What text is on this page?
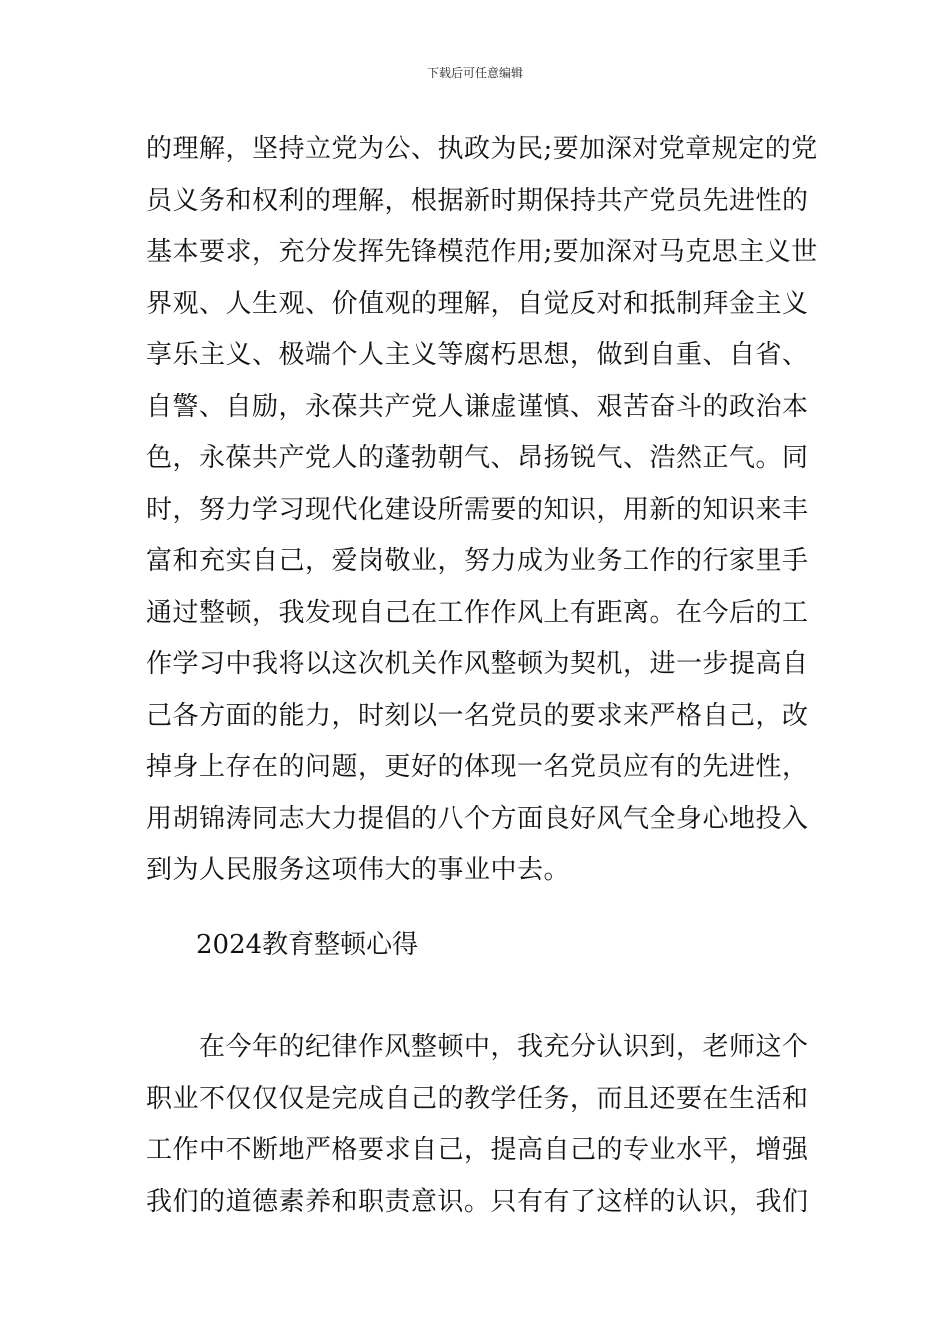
下载后可任意编辑
的理解，坚持立党为公、执政为民;要加深对党章规定的党
员义务和权利的理解，根据新时期保持共产党员先进性的
基本要求，充分发挥先锋模范作用;要加深对马克思主义世
界观、人生观、价值观的理解，自觉反对和抵制拜金主义
享乐主义、极端个人主义等腐朽思想，做到自重、自省、
自警、自励，永葆共产党人谦虚谨慎、艰苦奋斗的政治本
色，永葆共产党人的蓬勃朝气、昂扬锐气、浩然正气。同
时，努力学习现代化建设所需要的知识，用新的知识来丰
富和充实自己，爱岗敬业，努力成为业务工作的行家里手
通过整顿，我发现自己在工作作风上有距离。在今后的工
作学习中我将以这次机关作风整顿为契机，进一步提高自
己各方面的能力，时刻以一名党员的要求来严格自己，改
掉身上存在的问题，更好的体现一名党员应有的先进性，
用胡锦涛同志大力提倡的八个方面良好风气全身心地投入
到为人民服务这项伟大的事业中去。
2024教育整顿心得
　　在今年的纪律作风整顿中，我充分认识到，老师这个
职业不仅仅仅是完成自己的教学任务，而且还要在生活和
工作中不断地严格要求自己，提高自己的专业水平，增强
我们的道德素养和职责意识。只有有了这样的认识，我们
